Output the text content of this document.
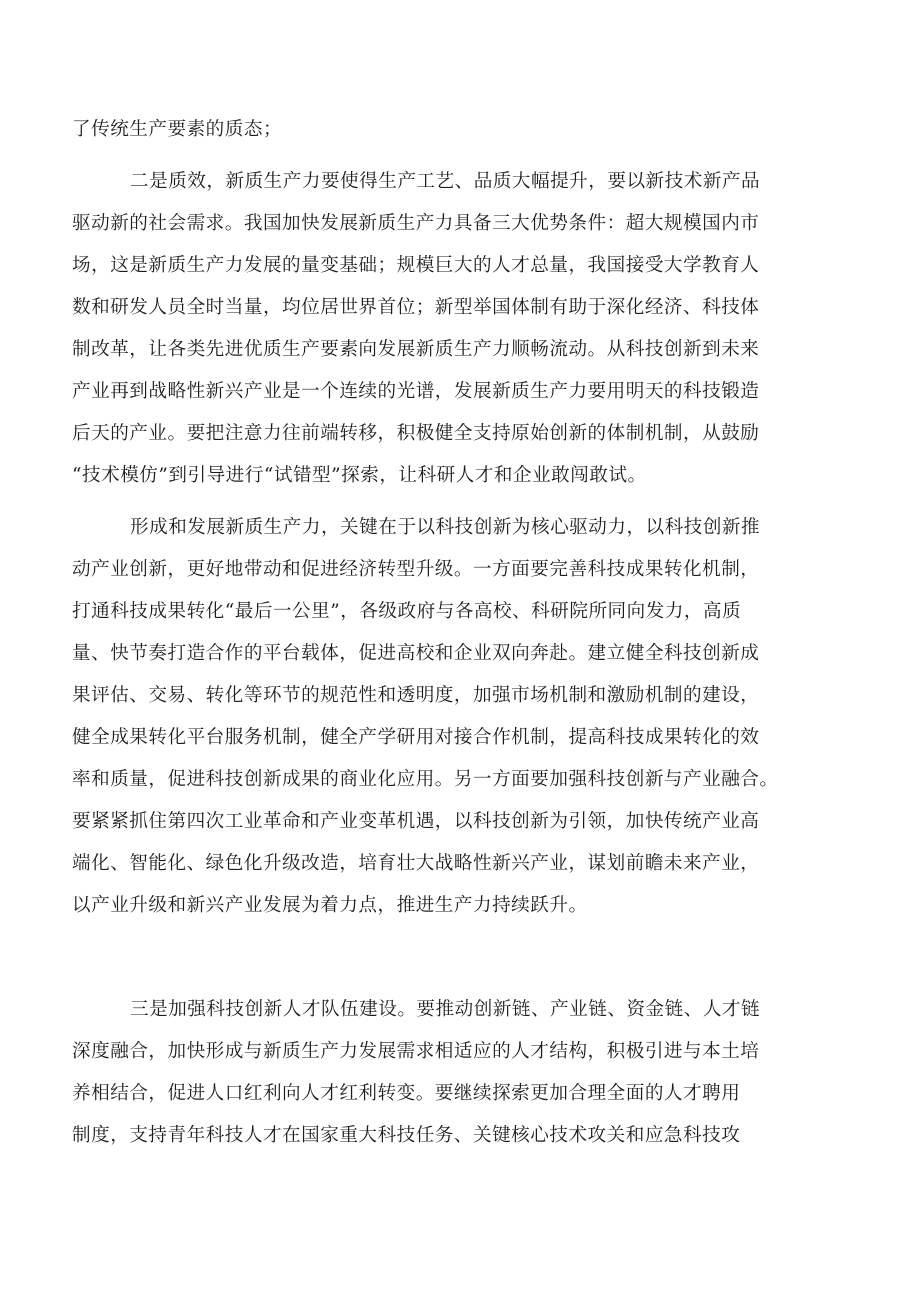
了传统生产要素的质态；

二是质效，新质生产力要使得生产工艺、品质大幅提升，要以新技术新产品

驱动新的社会需求。我国加快发展新质生产力具备三大优势条件：超大规模国内市

场，这是新质生产力发展的量变基础；规模巨大的人才总量，我国接受大学教育人

数和研发人员全时当量，均位居世界首位；新型举国体制有助于深化经济、科技体

制改革，让各类先进优质生产要素向发展新质生产力顺畅流动。从科技创新到未来

产业再到战略性新兴产业是一个连续的光谱，发展新质生产力要用明天的科技锻造

后天的产业。要把注意力往前端转移，积极健全支持原始创新的体制机制，从鼓励

“技术模仿”到引导进行“试错型”探索，让科研人才和企业敢闯敢试。

形成和发展新质生产力，关键在于以科技创新为核心驱动力，以科技创新推

动产业创新，更好地带动和促进经济转型升级。一方面要完善科技成果转化机制，

打通科技成果转化“最后一公里”，各级政府与各高校、科研院所同向发力，高质

量、快节奏打造合作的平台载体，促进高校和企业双向奔赴。建立健全科技创新成

果评估、交易、转化等环节的规范性和透明度，加强市场机制和激励机制的建设，

健全成果转化平台服务机制，健全产学研用对接合作机制，提高科技成果转化的效

率和质量，促进科技创新成果的商业化应用。另一方面要加强科技创新与产业融合。

要紧紧抓住第四次工业革命和产业变革机遇，以科技创新为引领，加快传统产业高

端化、智能化、绿色化升级改造，培育壮大战略性新兴产业，谋划前瞻未来产业，

以产业升级和新兴产业发展为着力点，推进生产力持续跃升。

三是加强科技创新人才队伍建设。要推动创新链、产业链、资金链、人才链

深度融合，加快形成与新质生产力发展需求相适应的人才结构，积极引进与本土培

养相结合，促进人口红利向人才红利转变。要继续探索更加合理全面的人才聘用

制度，支持青年科技人才在国家重大科技任务、关键核心技术攻关和应急科技攻
